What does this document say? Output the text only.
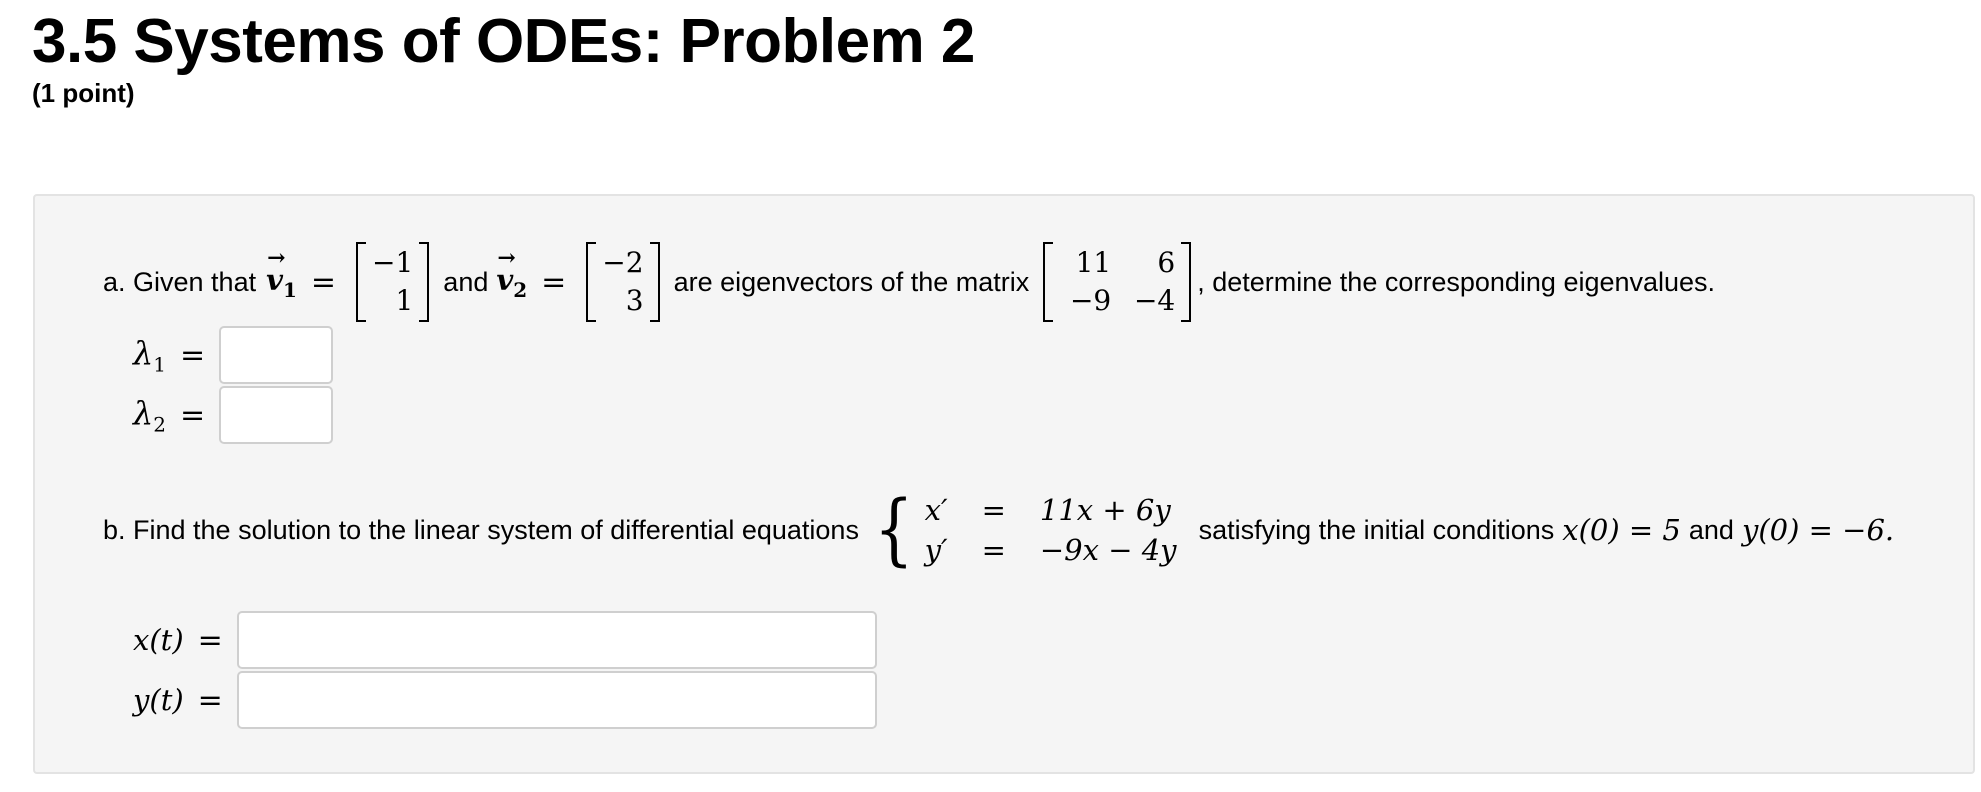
3.5 Systems of ODEs: Problem 2
(1 point)
a. Given that
→
$v_1$ =
−1
1
and
→
$v_2$ =
−2
3
are eigenvectors of the matrix
11
−9
6
−4
, determine the corresponding eigenvalues.
$\lambda_1$ =
$\lambda_2$ =
b. Find the solution to the linear system of differential equations { x′ = 11x + 6y
y′ = −9x − 4y
satisfying the initial conditions x(0) = 5 and y(0) = −6.
x(t) =
y(t) =
